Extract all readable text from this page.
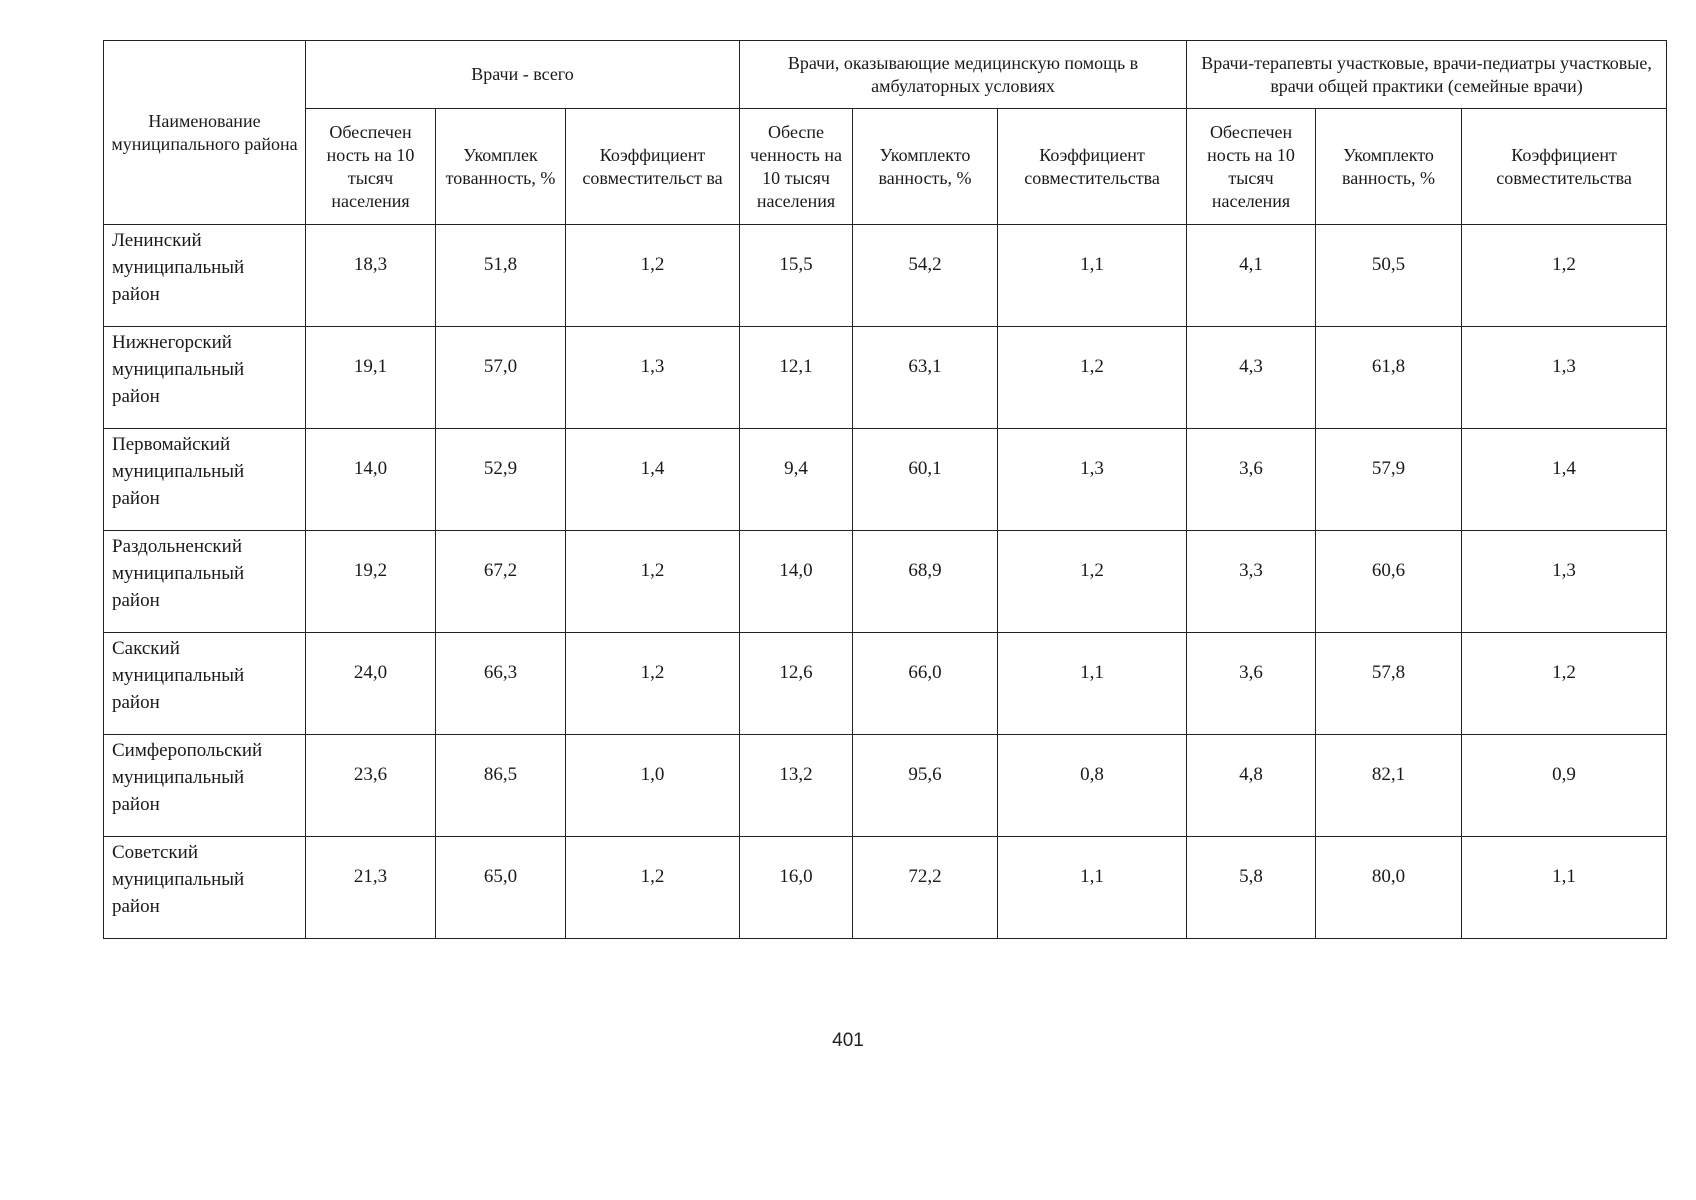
Наименование муниципального района	Врачи - всего			Врачи, оказывающие медицинскую помощь в амбулаторных условиях			Врачи-терапевты участковые, врачи-педиатры участковые, врачи общей практики (семейные врачи)		
	Обеспечен ность на 10 тысяч населения	Укомплек тованность, %	Коэффициент совместительст ва	Обеспе ченность на 10 тысяч населения	Укомплекто ванность, %	Коэффициент совместительства	Обеспечен ность на 10 тысяч населения	Укомплекто ванность, %	Коэффициент совместительства

Ленинский
муниципальный
район	18,3	51,8	1,2	15,5	54,2	1,1	4,1	50,5	1,2

Нижнегорский
муниципальный
район	19,1	57,0	1,3	12,1	63,1	1,2	4,3	61,8	1,3

Первомайский
муниципальный
район	14,0	52,9	1,4	9,4	60,1	1,3	3,6	57,9	1,4

Раздольненский
муниципальный
район	19,2	67,2	1,2	14,0	68,9	1,2	3,3	60,6	1,3

Сакский
муниципальный
район	24,0	66,3	1,2	12,6	66,0	1,1	3,6	57,8	1,2

Симферопольский
муниципальный
район	23,6	86,5	1,0	13,2	95,6	0,8	4,8	82,1	0,9

Советский
муниципальный
район	21,3	65,0	1,2	16,0	72,2	1,1	5,8	80,0	1,1
401
